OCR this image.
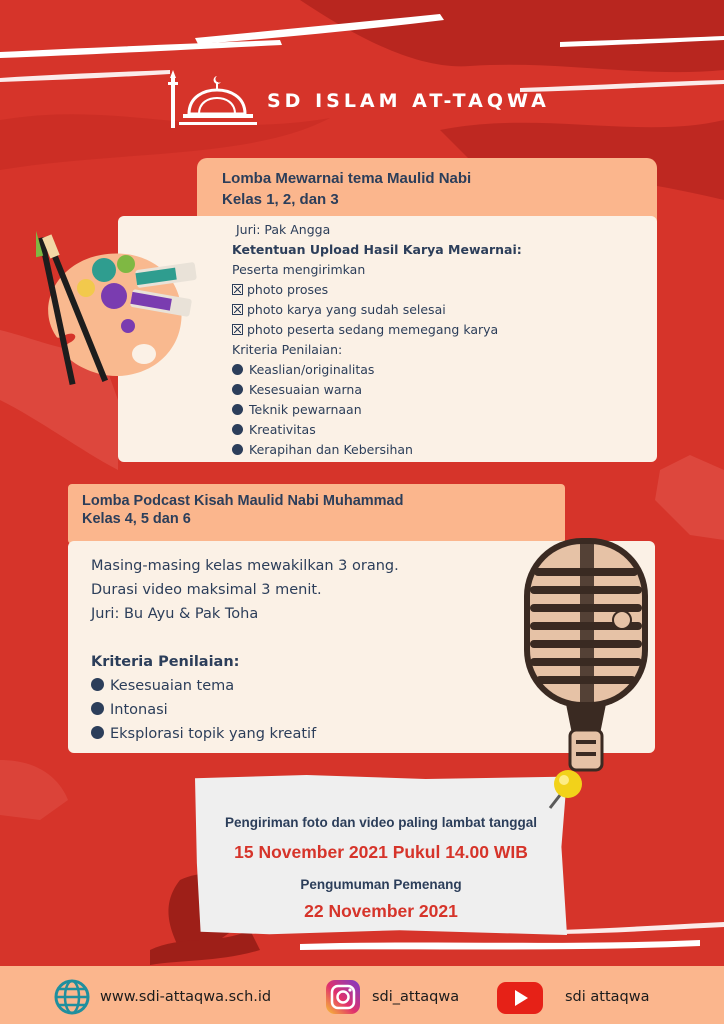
SD ISLAM AT-TAQWA
Lomba Mewarnai tema Maulid Nabi
Kelas 1, 2, dan 3
Juri: Pak Angga
Ketentuan Upload Hasil Karya Mewarnai:
Peserta mengirimkan
photo proses
photo karya yang sudah selesai
photo peserta sedang memegang karya
Kriteria Penilaian:
Keaslian/originalitas
Kesesuaian warna
Teknik pewarnaan
Kreativitas
Kerapihan dan Kebersihan
Lomba Podcast Kisah Maulid Nabi Muhammad
Kelas 4, 5 dan 6
Masing-masing kelas mewakilkan 3 orang.
Durasi video maksimal 3 menit.
Juri: Bu Ayu & Pak Toha
Kriteria Penilaian:
Kesesuaian tema
Intonasi
Eksplorasi topik yang kreatif
Pengiriman foto dan video paling lambat tanggal
15 November 2021 Pukul 14.00 WIB
Pengumuman Pemenang
22 November 2021
www.sdi-attaqwa.sch.id	sdi_attaqwa	sdi attaqwa
